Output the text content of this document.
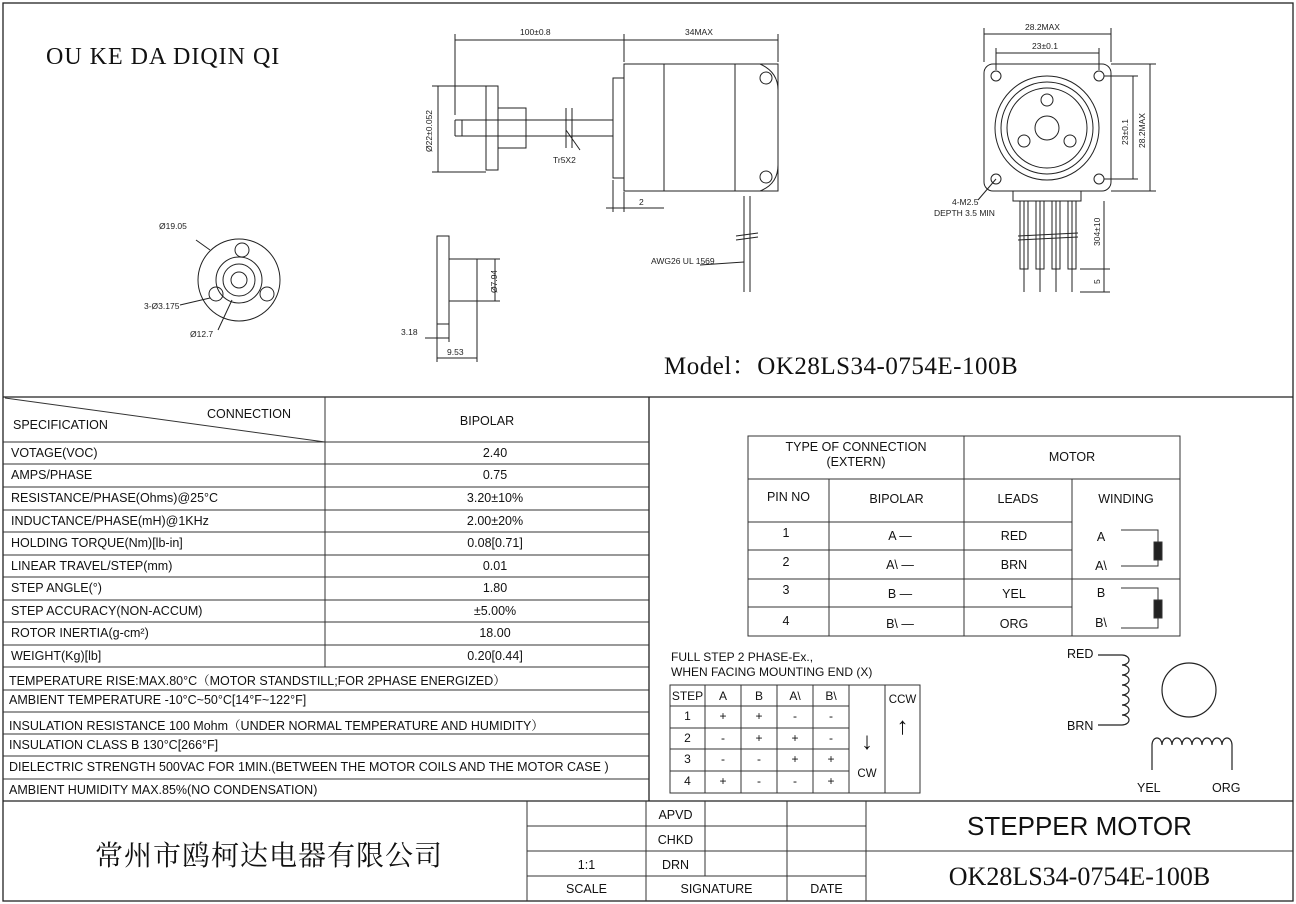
100±0.8	34MAX
Ø22±0.052
Tr5X2
2
AWG26 UL 1569
28.2MAX
23±0.1
23±0.1 28.2MAX
4-M2.5
DEPTH 3.5 MIN
304±10
5
Ø19.05
3-Ø3.175
Ø12.7
Ø7.94
3.18
9.53
OU KE DA DIQIN QI
Model：OK28LS34-0754E-100B
CONNECTION
SPECIFICATION	BIPOLAR
VOTAGE(VOC)	2.40
AMPS/PHASE	0.75
RESISTANCE/PHASE(Ohms)@25°C	3.20±10%
INDUCTANCE/PHASE(mH)@1KHz	2.00±20%
HOLDING TORQUE(Nm)[lb-in]	0.08[0.71]
LINEAR TRAVEL/STEP(mm)	0.01
STEP ANGLE(°)	1.80
STEP ACCURACY(NON-ACCUM)	±5.00%
ROTOR INERTIA(g-cm²)	18.00
WEIGHT(Kg)[lb]	0.20[0.44]
TEMPERATURE RISE:MAX.80°C（MOTOR STANDSTILL;FOR 2PHASE ENERGIZED）
AMBIENT TEMPERATURE -10°C~50°C[14°F~122°F]
INSULATION RESISTANCE 100 Mohm（UNDER NORMAL TEMPERATURE AND HUMIDITY）
INSULATION CLASS B 130°C[266°F]
DIELECTRIC STRENGTH 500VAC FOR 1MIN.(BETWEEN THE MOTOR COILS AND THE MOTOR CASE )
AMBIENT HUMIDITY MAX.85%(NO CONDENSATION)
TYPE OF CONNECTION
(EXTERN)	MOTOR
PIN NO	BIPOLAR	LEADS	WINDING
1	A —	RED	A
2	A\ —	BRN	A\
3	B —	YEL	B
4	B\ —	ORG	B\
FULL STEP 2 PHASE-Ex.,
WHEN FACING MOUNTING END (X)
STEP	A	B	A\	B\
1	+	+	-	-
2	-	+	+	-
3	-	-	+	+
4	+	-	-	+
↓
↑
CCW
CW
RED
BRN
YEL	ORG
常州市鸥柯达电器有限公司
STEPPER MOTOR
OK28LS34-0754E-100B
APVD
CHKD
DRN
1:1
SCALE	SIGNATURE	DATE
